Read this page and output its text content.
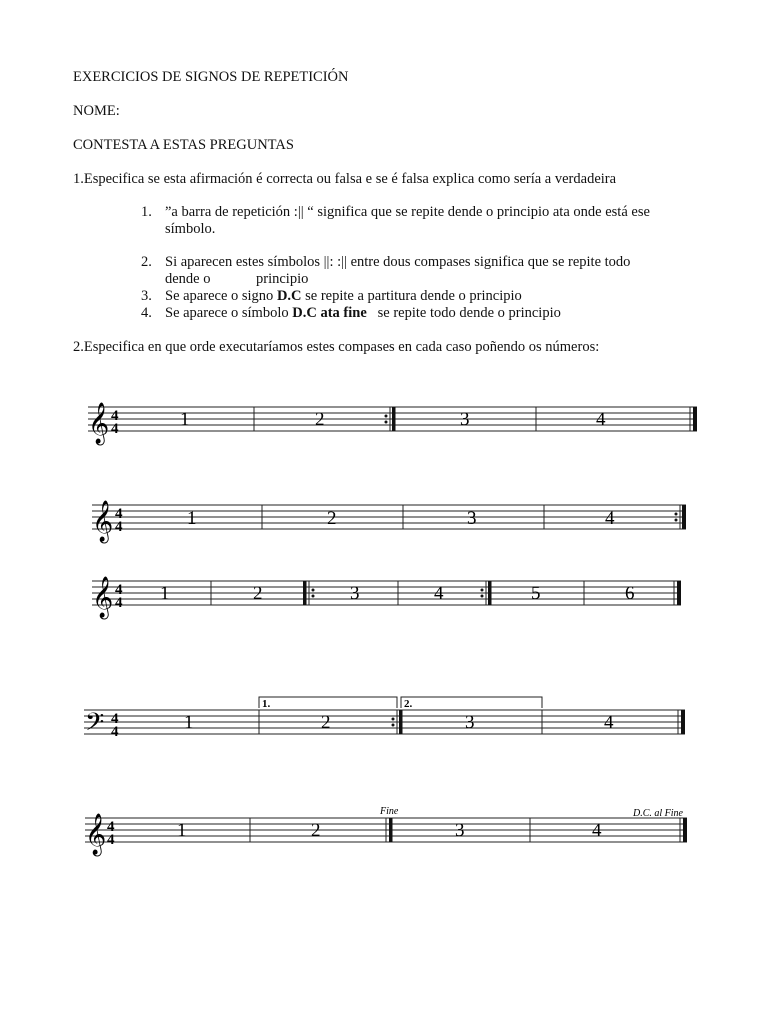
EXERCICIOS DE SIGNOS DE REPETICIÓN
NOME:
CONTESTA A ESTAS PREGUNTAS
1.Especifica se esta afirmación é correcta ou falsa e se é falsa explica como sería a verdadeira
1. ”a barra de repetición :|| “ significa que se repite dende o principio ata onde está ese
símbolo.
2. Si aparecen estes símbolos ||: :|| entre dous compases significa que se repite todo
dende o	principio
3. Se aparece o signo D.C se repite a partitura dende o principio
4. Se aparece o símbolo D.C ata fine   se repite todo dende o principio
2.Especifica en que orde executaríamos estes compases en cada caso poñendo os números:
𝄞 4
4	1	2	3	4
𝄞 4
4	1	2	3	4
𝄞 4
4 1	2	3	4	5	6
1.	2.
𝄢 4
4	1	2	3	4
Fine	D.C. al Fine
𝄞 4
4	1	2	3	4
